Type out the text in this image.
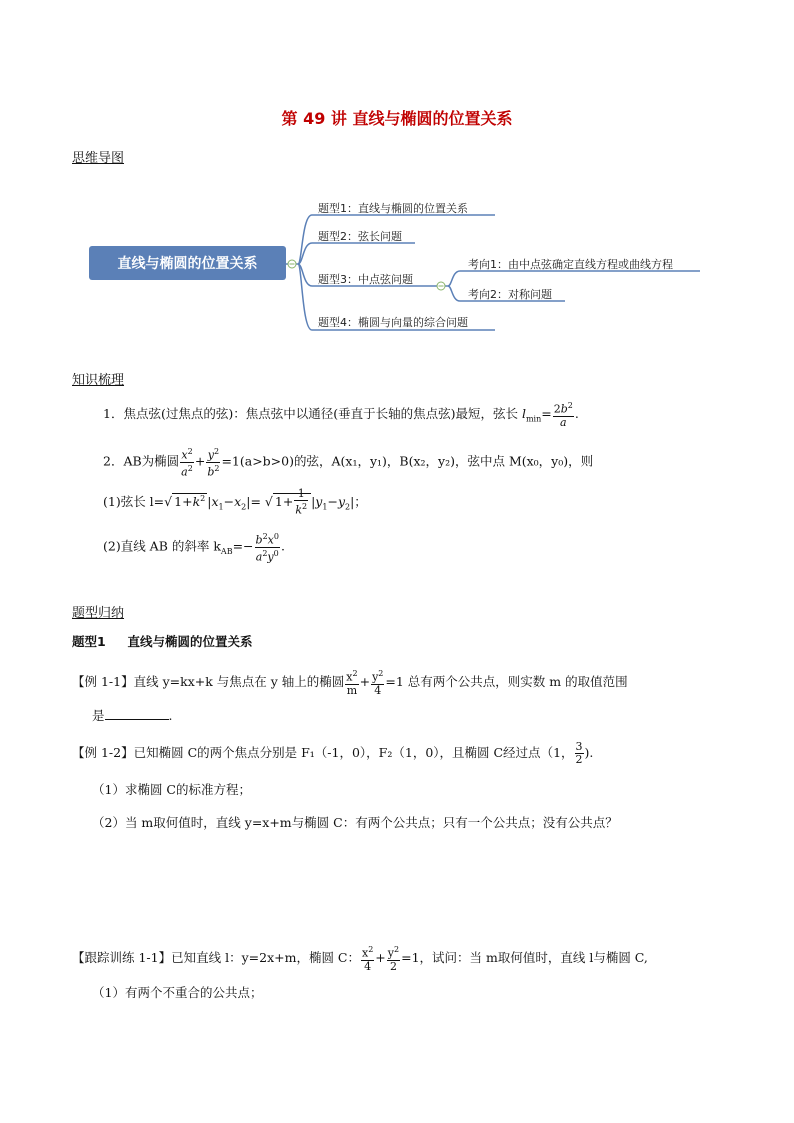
第 49 讲 直线与椭圆的位置关系
思维导图
直线与椭圆的位置关系
题型1：直线与椭圆的位置关系
题型2：弦长问题
题型3：中点弦问题
题型4：椭圆与向量的综合问题
考向1：由中点弦确定直线方程或曲线方程
考向2：对称问题
知识梳理
1．焦点弦(过焦点的弦)：焦点弦中以通径(垂直于长轴的焦点弦)最短，弦长 $l_{min}= \frac{2b^2}{a}$ .
2．AB为椭圆 $\frac{x^2}{a^2} + \frac{y^2}{b^2} =1(a>b>0)$的弦，A(x₁，y₁)，B(x₂，y₂)，弦中点 M(x₀，y₀)，则
(1)弦长 l=√ $1+k^2$ $|x_1-x_2|=$ √ $1+ \frac{1}{k^2} |y_1-y_2|$；
(2)直线 AB 的斜率 $k_{AB}=- \frac{b^2x^0}{a^2y^0}$ .
题型归纳
题型1 直线与椭圆的位置关系
【例 1-1】直线 y=kx+k 与焦点在 y 轴上的椭圆 $\frac{x^2}{m} + \frac{y^2}{4} =1$ 总有两个公共点，则实数 m 的取值范围
是	.
【例 1-2】已知椭圆 C的两个焦点分别是 F₁（-1，0），F₂（1，0），且椭圆 C经过点（1， $\frac{3}{2}$ ).
（1）求椭圆 C的标准方程；
（2）当 m取何值时，直线 y=x+m与椭圆 C：有两个公共点；只有一个公共点；没有公共点？
【跟踪训练 1-1】已知直线 l：y=2x+m，椭圆 C： $\frac{x^2}{4} + \frac{y^2}{2} =1$，试问：当 m取何值时，直线 l与椭圆 C,
（1）有两个不重合的公共点；
